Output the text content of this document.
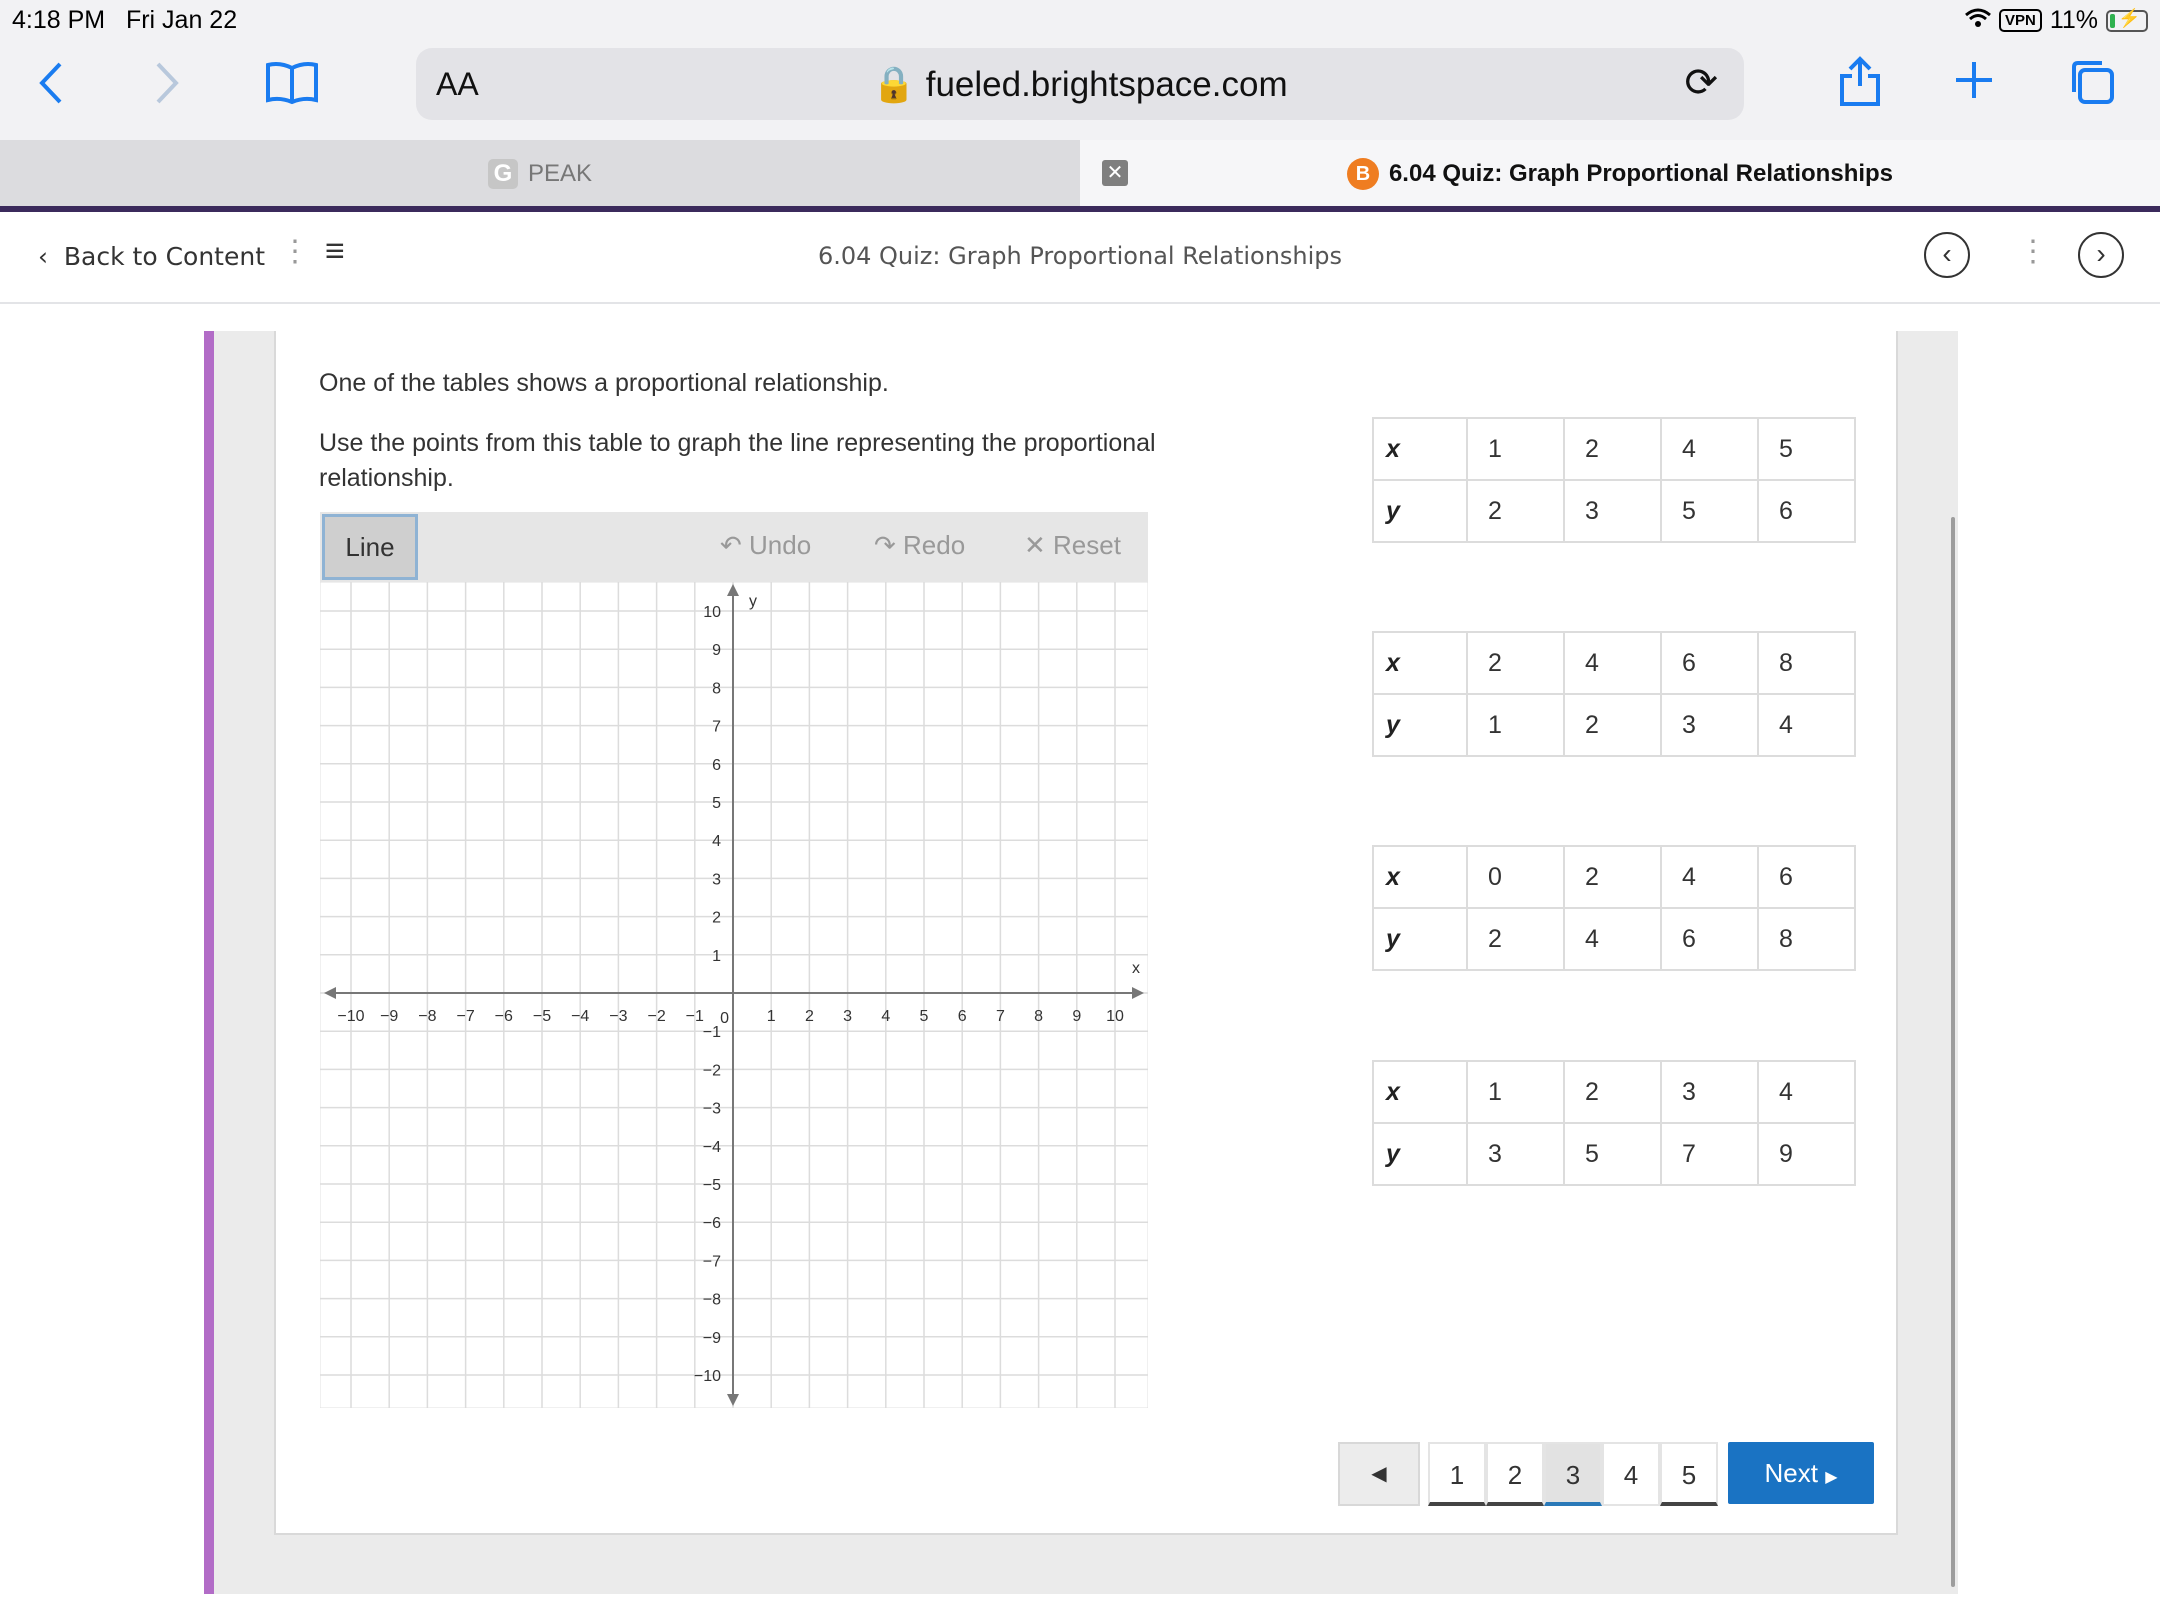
4:18 PM Fri Jan 22	VPN 11% ⚡
AA	🔒 fueled.brightspace.com	⟳
G PEAK	✕	B 6.04 Quiz: Graph Proportional Relationships
‹ Back to Content ⋮ ≡	6.04 Quiz: Graph Proportional Relationships	‹	⋮	›
One of the tables shows a proportional relationship.
Use the points from this table to graph the line representing the proportional
relationship.
Line	↶ Undo ↷ Redo ✕ Reset
−10 −9 −8 −7 −6 −5 −4 −3 −2 −1	1 2 3 4 5 6 7 8 9 10
−10
−9
−8
−7
−6
−5
−4
−3
−2
−1
1
2
3
4
5
6
7
8
9
10
0
x
y
x	1	2	4	5
y	2	3	5	6
x	2	4	6	8
y	1	2	3	4
x	0	2	4	6
y	2	4	6	8
x	1	2	3	4
y	3	5	7	9
◀	1	2	3	4	5	Next ▶
